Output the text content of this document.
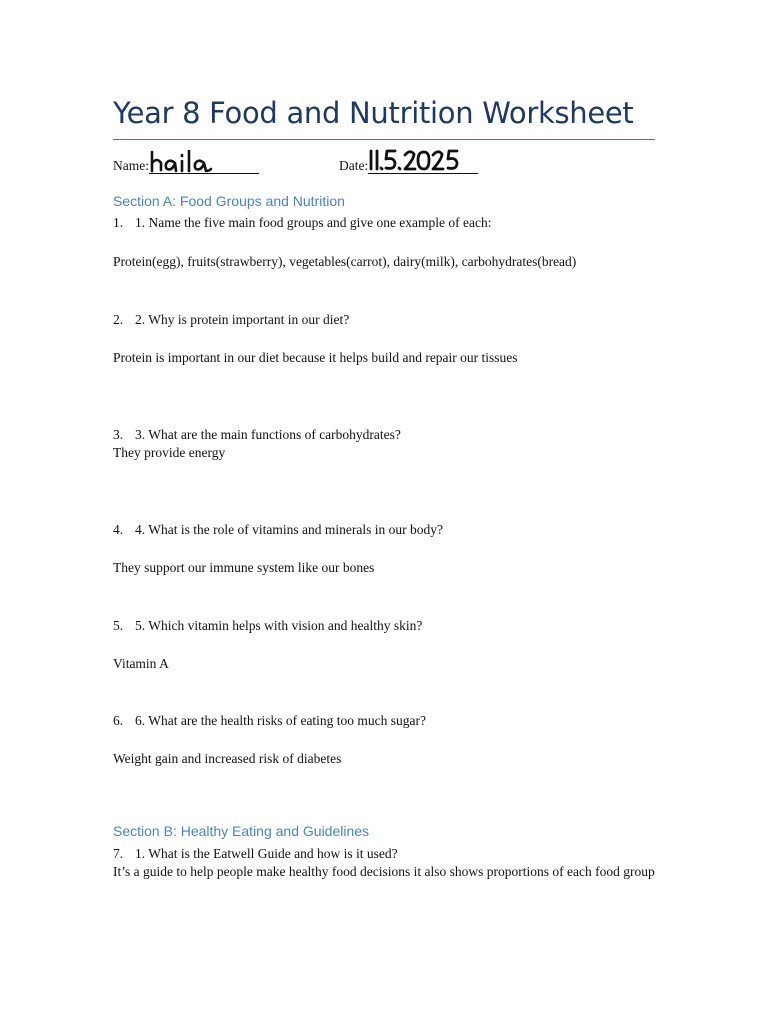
Year 8 Food and Nutrition Worksheet
Name:	Date:
Section A: Food Groups and Nutrition
1. 1. Name the five main food groups and give one example of each:
Protein(egg), fruits(strawberry), vegetables(carrot), dairy(milk), carbohydrates(bread)
2. 2. Why is protein important in our diet?
Protein is important in our diet because it helps build and repair our tissues
3. 3. What are the main functions of carbohydrates?
They provide energy
4. 4. What is the role of vitamins and minerals in our body?
They support our immune system like our bones
5. 5. Which vitamin helps with vision and healthy skin?
Vitamin A
6. 6. What are the health risks of eating too much sugar?
Weight gain and increased risk of diabetes
Section B: Healthy Eating and Guidelines
7. 1. What is the Eatwell Guide and how is it used?
It’s a guide to help people make healthy food decisions it also shows proportions of each food group
